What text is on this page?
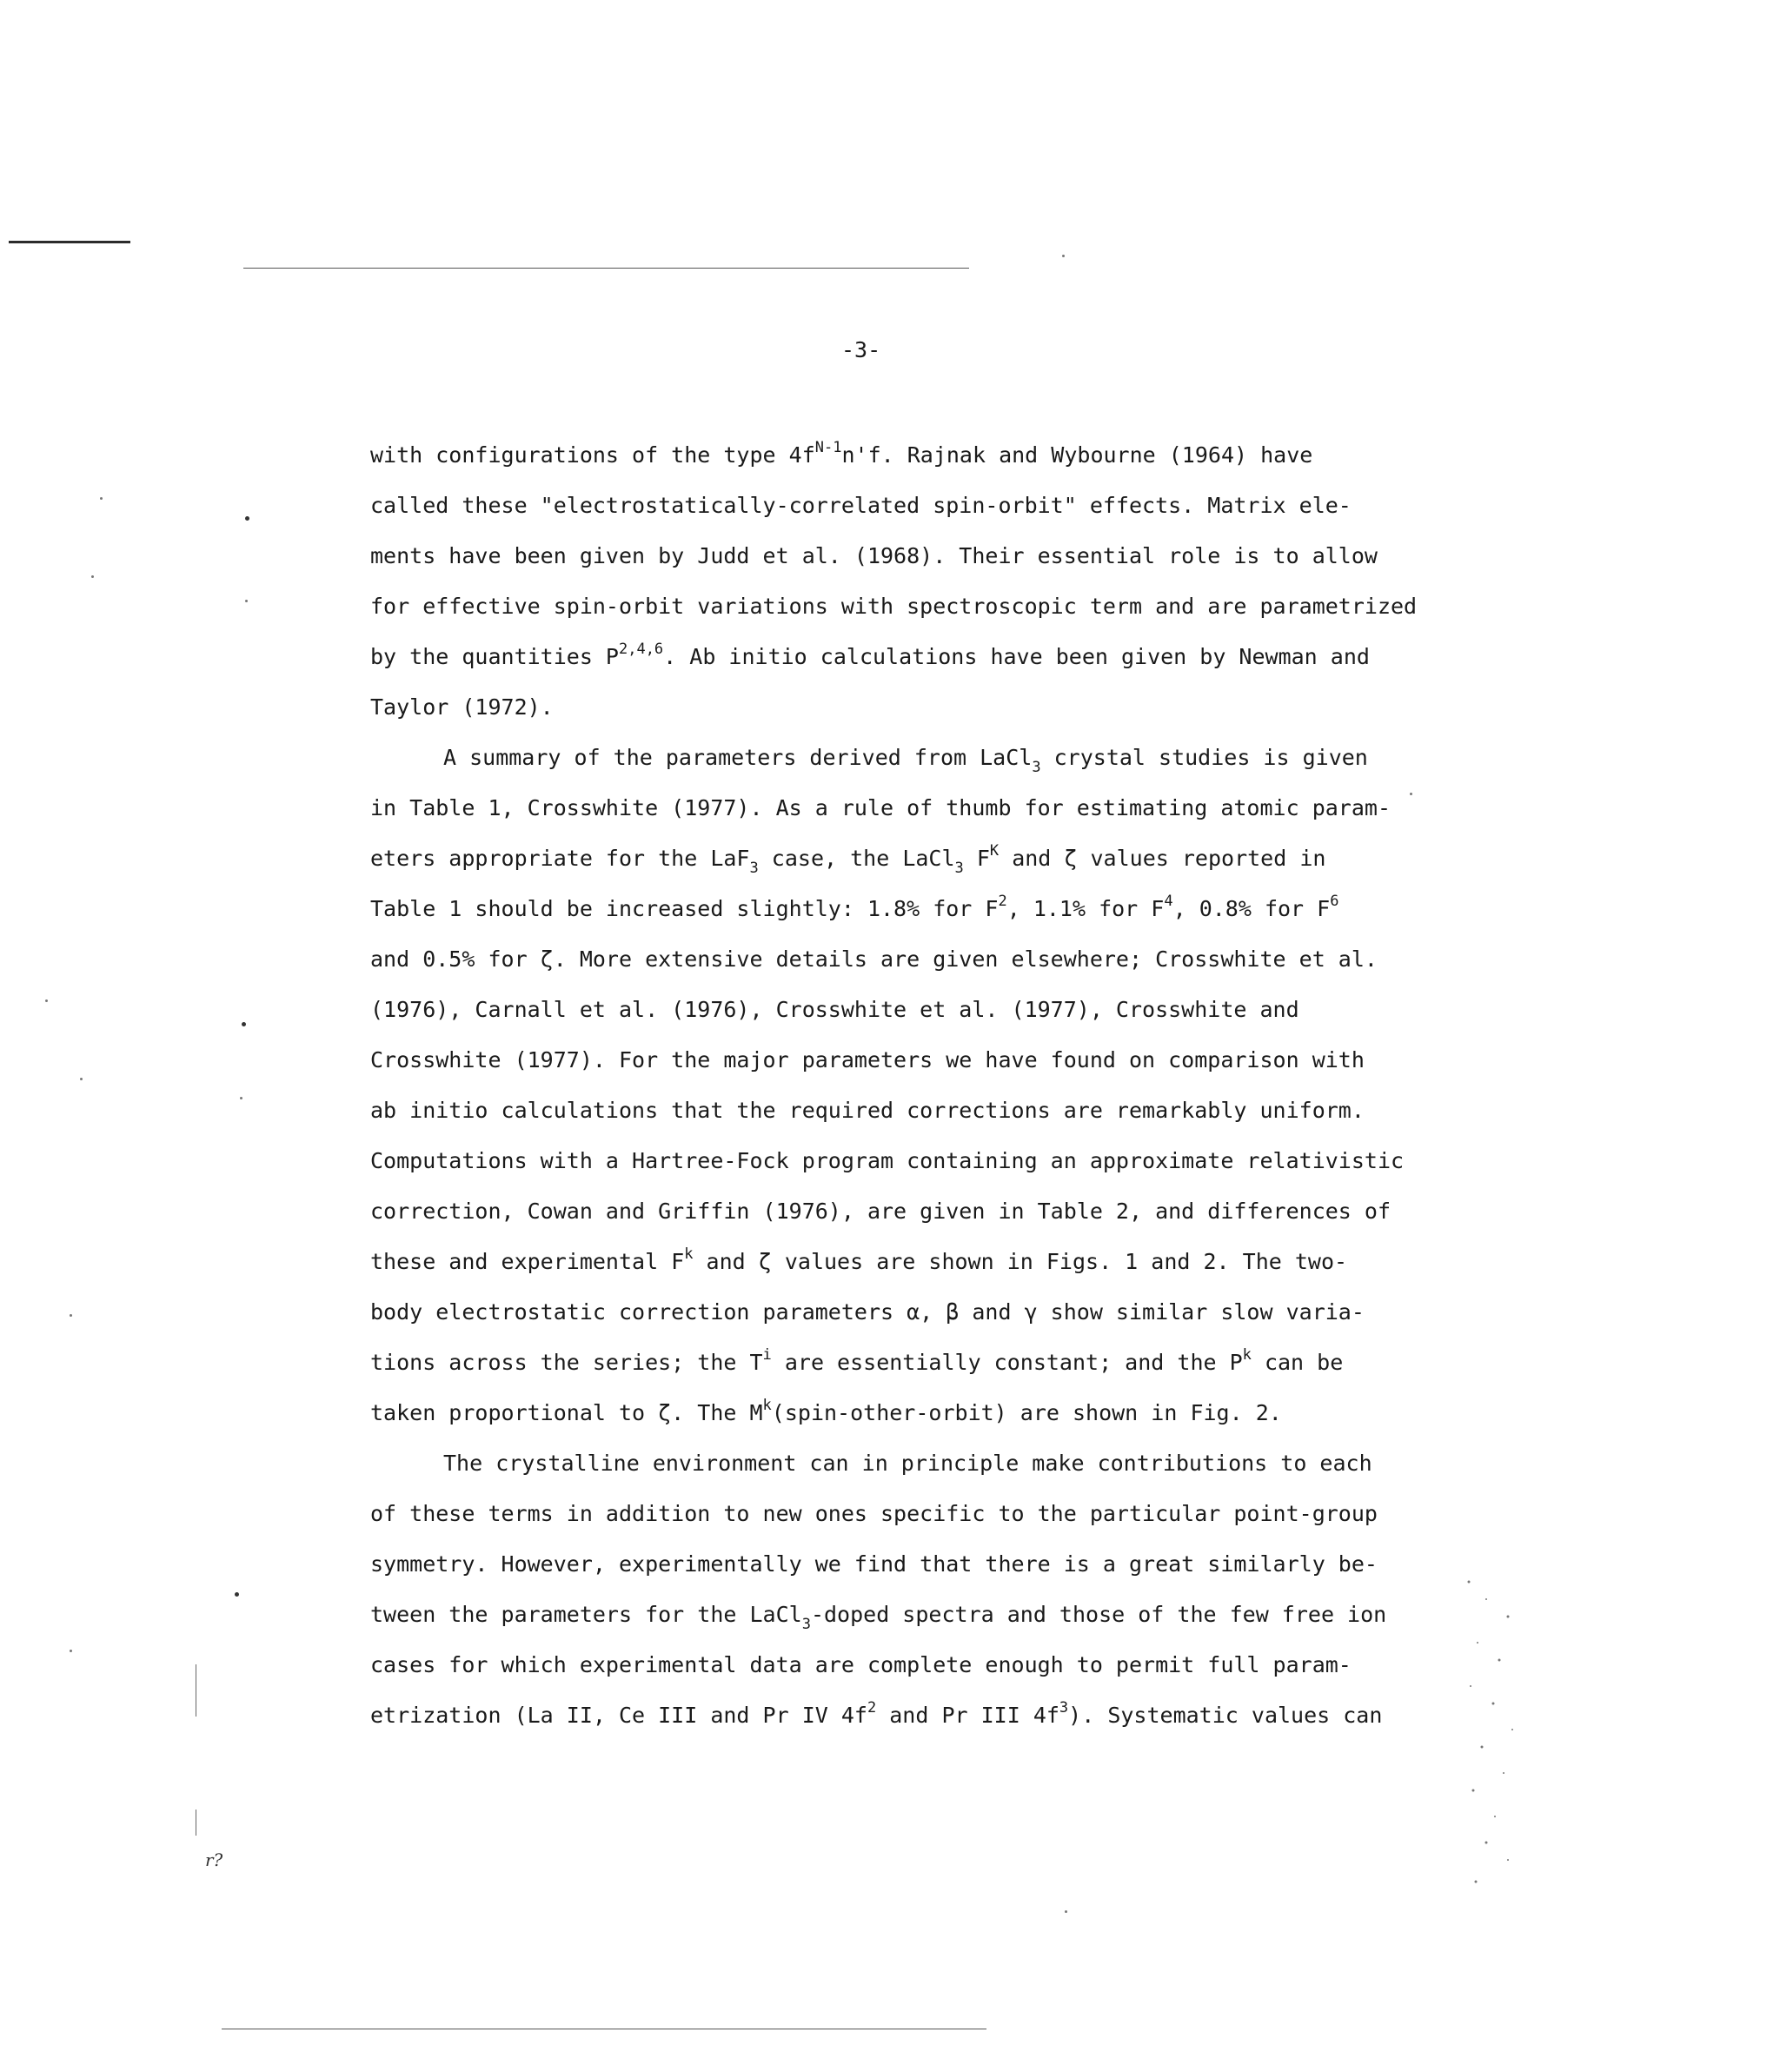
-3-
with configurations of the type $4f^{N-1}n'f$. Rajnak and Wybourne (1964) have
called these "electrostatically-correlated spin-orbit" effects. Matrix ele-
ments have been given by Judd et al. (1968). Their essential role is to allow
for effective spin-orbit variations with spectroscopic term and are parametrized
by the quantities P$^{2,4,6}$. Ab initio calculations have been given by Newman and
Taylor (1972).
A summary of the parameters derived from LaCl$_3$ crystal studies is given
in Table 1, Crosswhite (1977). As a rule of thumb for estimating atomic param-
eters appropriate for the LaF$_3$ case, the LaCl$_3$ $F^K$ and ζ values reported in
Table 1 should be increased slightly: 1.8% for $F^2$, 1.1% for $F^4$, 0.8% for $F^6$
and 0.5% for ζ. More extensive details are given elsewhere; Crosswhite et al.
(1976), Carnall et al. (1976), Crosswhite et al. (1977), Crosswhite and
Crosswhite (1977). For the major parameters we have found on comparison with
ab initio calculations that the required corrections are remarkably uniform.
Computations with a Hartree-Fock program containing an approximate relativistic
correction, Cowan and Griffin (1976), are given in Table 2, and differences of
these and experimental $F^k$ and ζ values are shown in Figs. 1 and 2. The two-
body electrostatic correction parameters α, β and γ show similar slow varia-
tions across the series; the $T^i$ are essentially constant; and the $P^k$ can be
taken proportional to ζ. The $M^k(spin-other-orbit)$ are shown in Fig. 2.
The crystalline environment can in principle make contributions to each
of these terms in addition to new ones specific to the particular point-group
symmetry. However, experimentally we find that there is a great similarly be-
tween the parameters for the LaCl$_3$-doped spectra and those of the few free ion
cases for which experimental data are complete enough to permit full param-
etrization (La II, Ce III and Pr IV $4f^2$ and Pr III $4f^3$). Systematic values can
r?
